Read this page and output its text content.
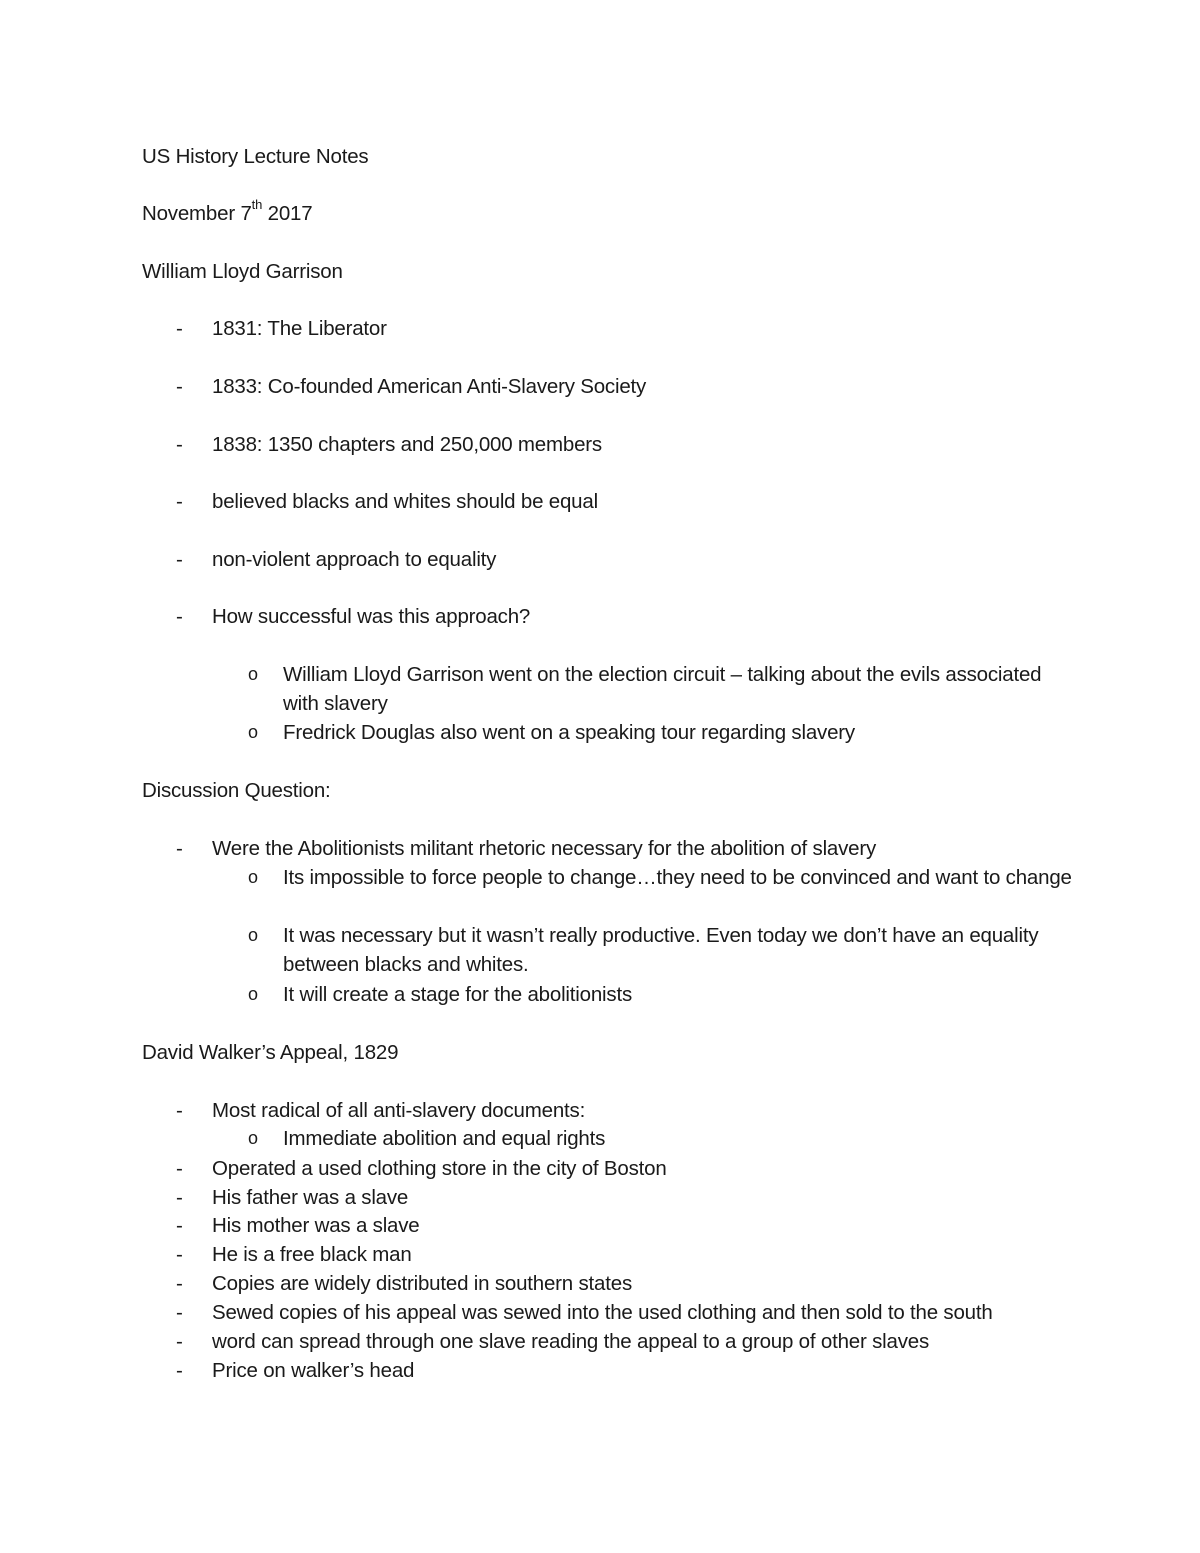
US History Lecture Notes
November 7th 2017
William Lloyd Garrison
- 1831: The Liberator
- 1833: Co-founded American Anti-Slavery Society
- 1838: 1350 chapters and 250,000 members
- believed blacks and whites should be equal
- non-violent approach to equality
- How successful was this approach?
o William Lloyd Garrison went on the election circuit – talking about the evils associated with slavery
o Fredrick Douglas also went on a speaking tour regarding slavery
Discussion Question:
- Were the Abolitionists militant rhetoric necessary for the abolition of slavery
o Its impossible to force people to change…they need to be convinced and want to change
o It was necessary but it wasn’t really productive. Even today we don’t have an equality between blacks and whites.
o It will create a stage for the abolitionists
David Walker’s Appeal, 1829
- Most radical of all anti-slavery documents:
o Immediate abolition and equal rights
- Operated a used clothing store in the city of Boston
- His father was a slave
- His mother was a slave
- He is a free black man
- Copies are widely distributed in southern states
- Sewed copies of his appeal was sewed into the used clothing and then sold to the south
- word can spread through one slave reading the appeal to a group of other slaves
- Price on walker’s head
